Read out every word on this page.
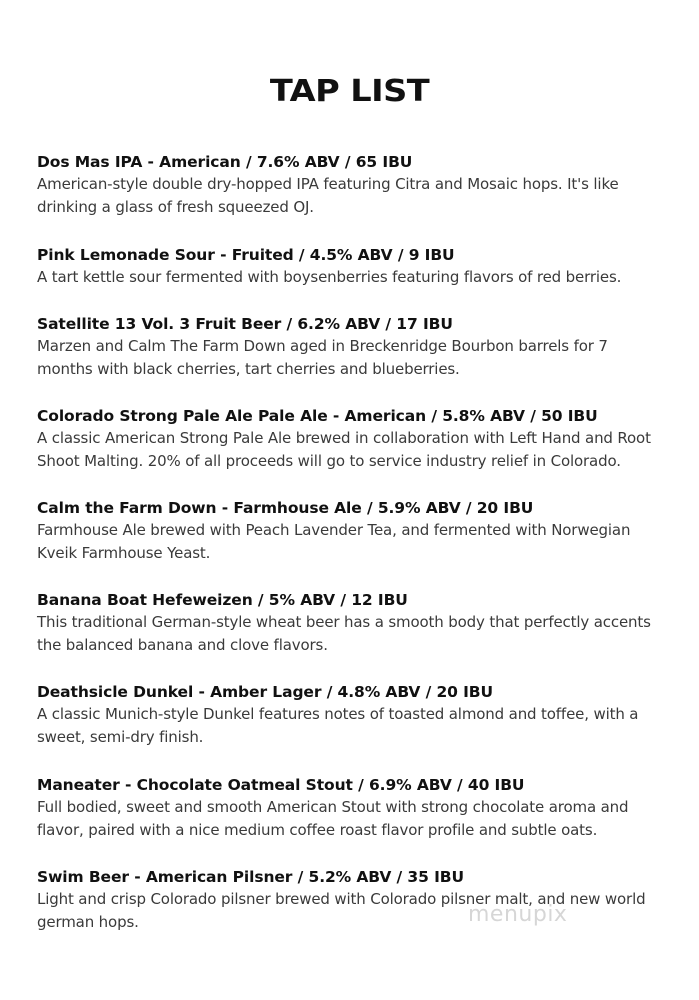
TAP LIST
Dos Mas IPA - American / 7.6% ABV / 65 IBU
American-style double dry-hopped IPA featuring Citra and Mosaic hops. It's like drinking a glass of fresh squeezed OJ.
Pink Lemonade Sour - Fruited / 4.5% ABV / 9 IBU
A tart kettle sour fermented with boysenberries featuring flavors of red berries.
Satellite 13 Vol. 3 Fruit Beer / 6.2% ABV / 17 IBU
Marzen and Calm The Farm Down aged in Breckenridge Bourbon barrels for 7 months with black cherries, tart cherries and blueberries.
Colorado Strong Pale Ale Pale Ale - American / 5.8% ABV / 50 IBU
A classic American Strong Pale Ale brewed in collaboration with Left Hand and Root Shoot Malting. 20% of all proceeds will go to service industry relief in Colorado.
Calm the Farm Down - Farmhouse Ale / 5.9% ABV / 20 IBU
Farmhouse Ale brewed with Peach Lavender Tea, and fermented with Norwegian Kveik Farmhouse Yeast.
Banana Boat Hefeweizen / 5% ABV / 12 IBU
This traditional German-style wheat beer has a smooth body that perfectly accents the balanced banana and clove flavors.
Deathsicle Dunkel - Amber Lager / 4.8% ABV / 20 IBU
A classic Munich-style Dunkel features notes of toasted almond and toffee, with a sweet, semi-dry finish.
Maneater - Chocolate Oatmeal Stout / 6.9% ABV / 40 IBU
Full bodied, sweet and smooth American Stout with strong chocolate aroma and flavor, paired with a nice medium coffee roast flavor profile and subtle oats.
Swim Beer - American Pilsner / 5.2% ABV / 35 IBU
Light and crisp Colorado pilsner brewed with Colorado pilsner malt, and new world german hops.	menupix
